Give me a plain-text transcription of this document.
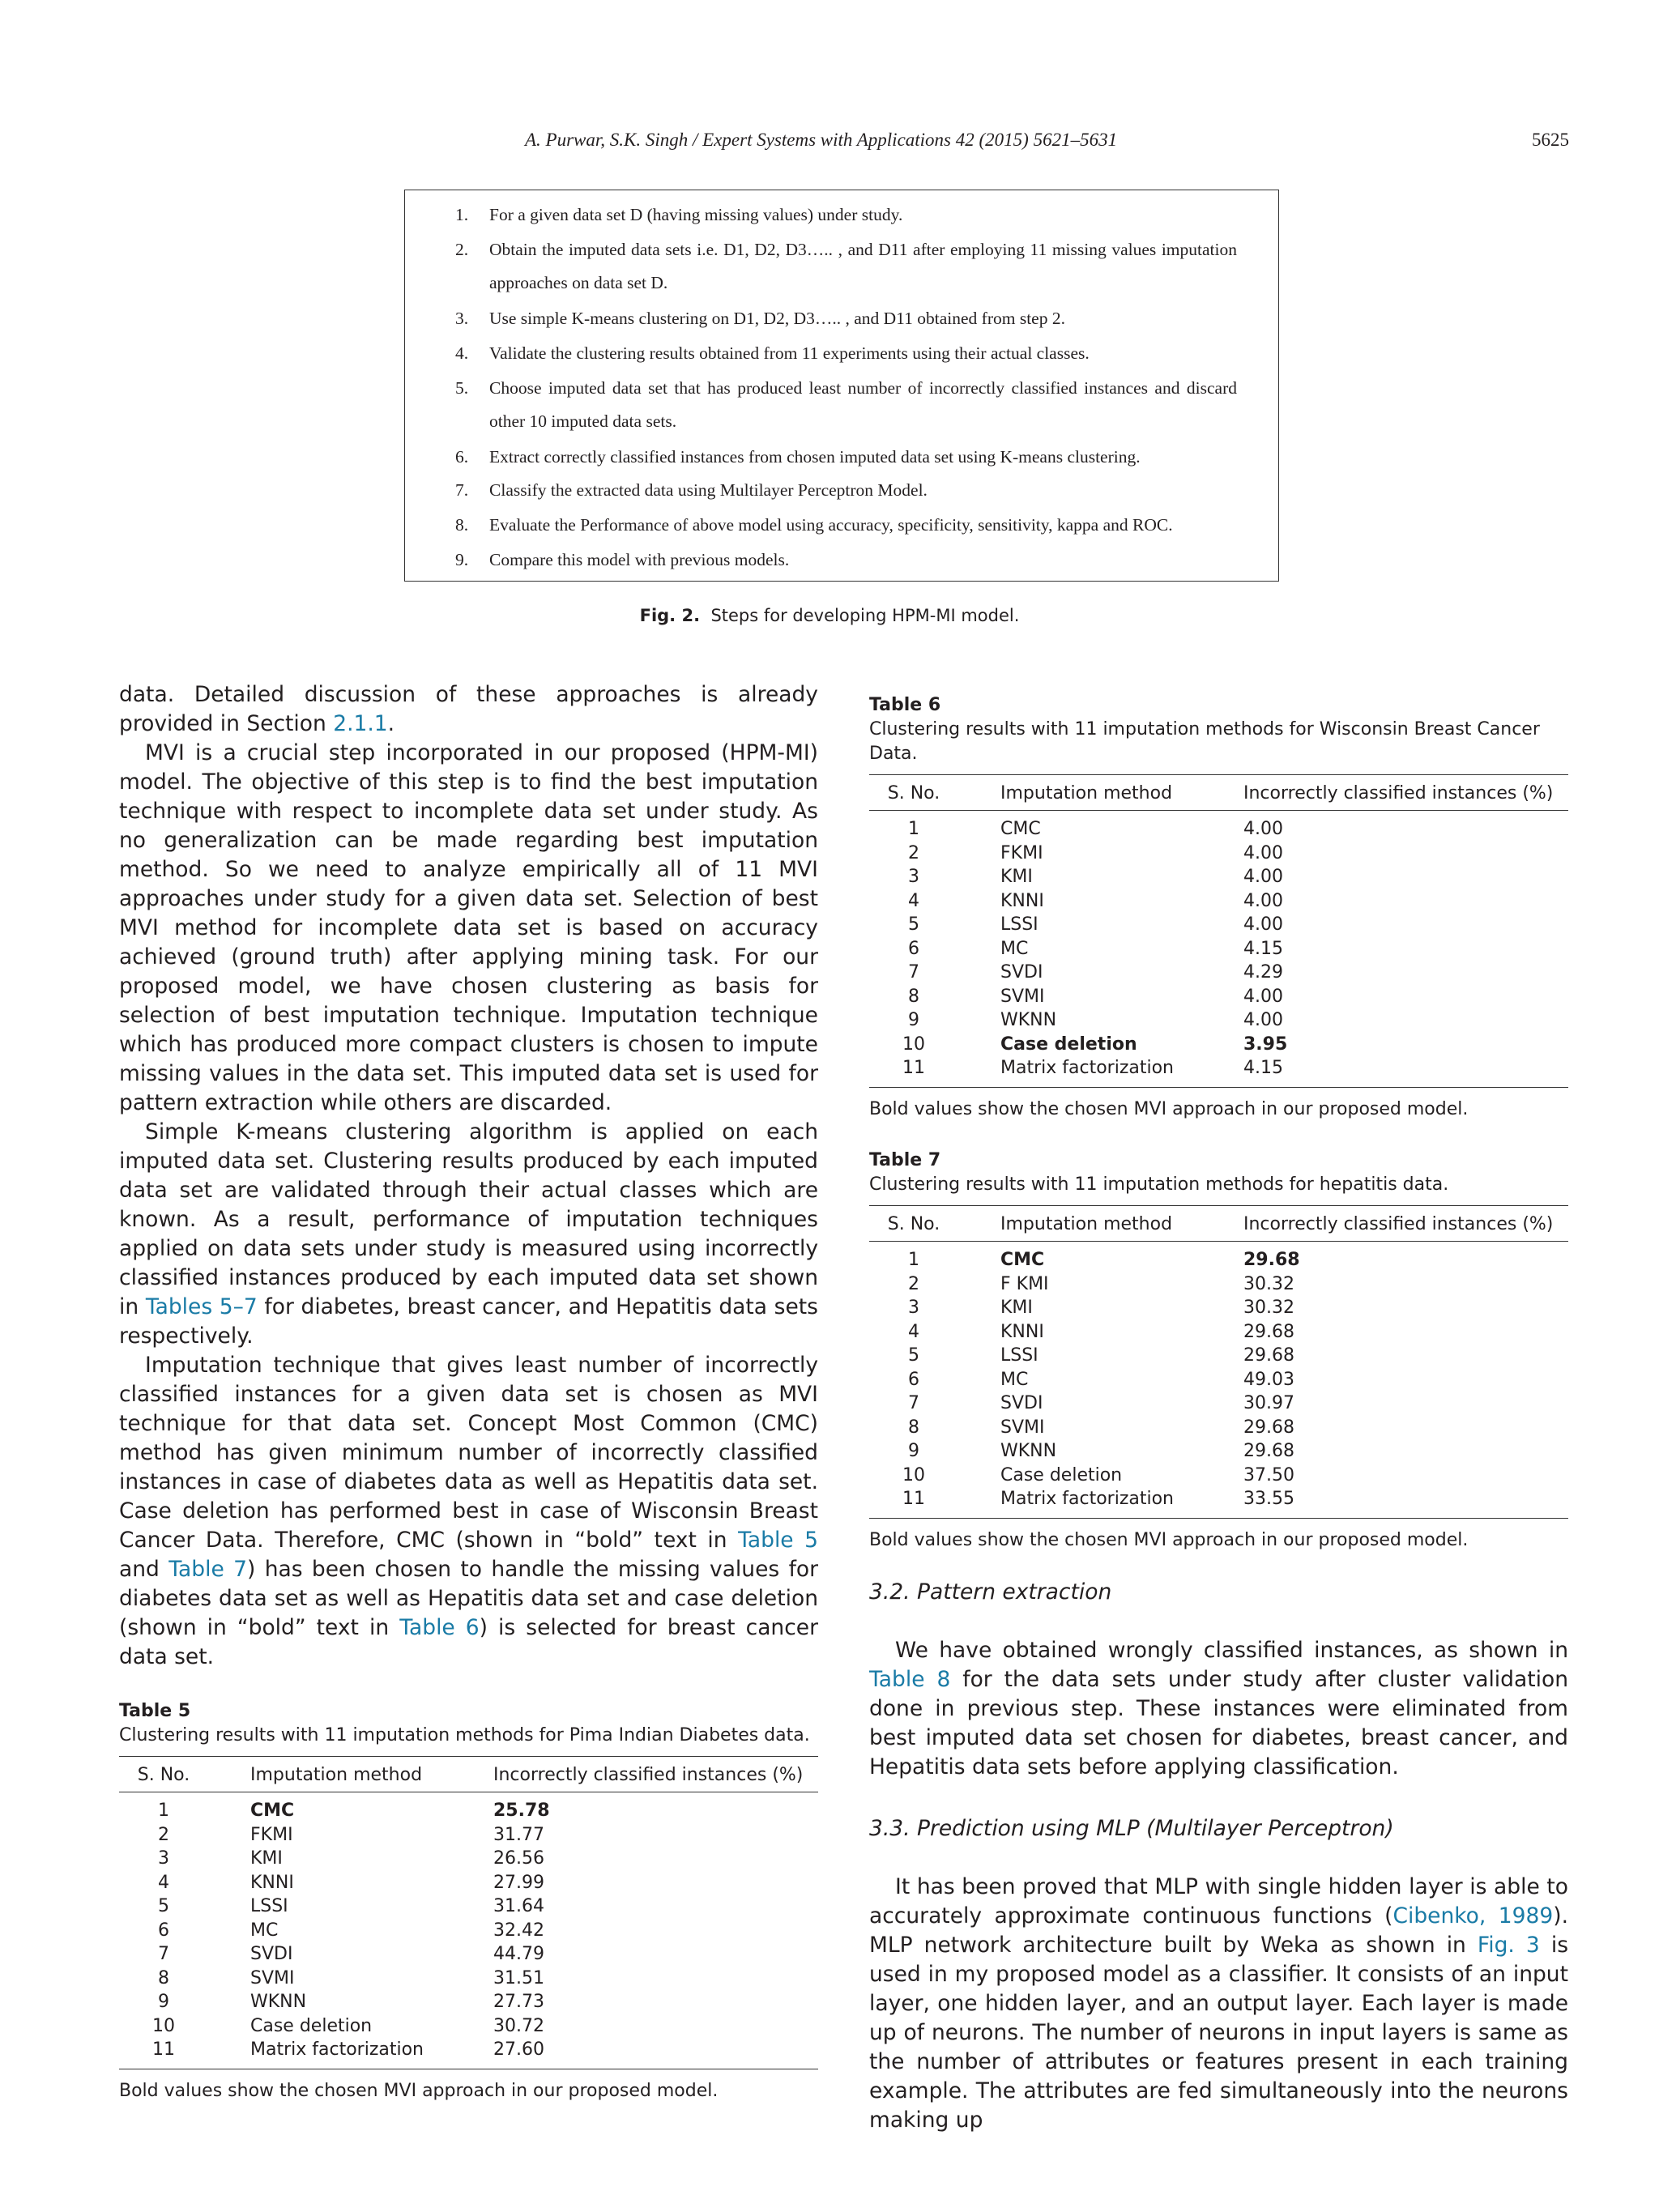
A. Purwar, S.K. Singh / Expert Systems with Applications 42 (2015) 5621–5631	5625
1. For a given data set D (having missing values) under study.
2. Obtain the imputed data sets i.e. D1, D2, D3….. , and D11 after employing 11 missing values imputation approaches on data set D.
3. Use simple K-means clustering on D1, D2, D3….. , and D11 obtained from step 2.
4. Validate the clustering results obtained from 11 experiments using their actual classes.
5. Choose imputed data set that has produced least number of incorrectly classified instances and discard other 10 imputed data sets.
6. Extract correctly classified instances from chosen imputed data set using K-means clustering.
7. Classify the extracted data using Multilayer Perceptron Model.
8. Evaluate the Performance of above model using accuracy, specificity, sensitivity, kappa and ROC.
9. Compare this model with previous models.
Fig. 2. Steps for developing HPM-MI model.

data. Detailed discussion of these approaches is already provided in Section 2.1.1.

MVI is a crucial step incorporated in our proposed (HPM-MI) model. The objective of this step is to find the best imputation technique with respect to incomplete data set under study. As no generalization can be made regarding best imputation method. So we need to analyze empirically all of 11 MVI approaches under study for a given data set. Selection of best MVI method for incomplete data set is based on accuracy achieved (ground truth) after applying mining task. For our proposed model, we have chosen clustering as basis for selection of best imputation technique. Imputation technique which has produced more compact clusters is chosen to impute missing values in the data set. This imputed data set is used for pattern extraction while others are discarded.

Simple K-means clustering algorithm is applied on each imputed data set. Clustering results produced by each imputed data set are validated through their actual classes which are known. As a result, performance of imputation techniques applied on data sets under study is measured using incorrectly classified instances produced by each imputed data set shown in Tables 5–7 for diabetes, breast cancer, and Hepatitis data sets respectively.

Imputation technique that gives least number of incorrectly classified instances for a given data set is chosen as MVI technique for that data set. Concept Most Common (CMC) method has given minimum number of incorrectly classified instances in case of diabetes data as well as Hepatitis data set. Case deletion has performed best in case of Wisconsin Breast Cancer Data. Therefore, CMC (shown in “bold” text in Table 5 and Table 7) has been chosen to handle the missing values for diabetes data set as well as Hepatitis data set and case deletion (shown in “bold” text in Table 6) is selected for breast cancer data set.

Table 6
Clustering results with 11 imputation methods for Wisconsin Breast Cancer Data.
S. No.	Imputation method	Incorrectly classified instances (%)
1	CMC	4.00
2	FKMI	4.00
3	KMI	4.00
4	KNNI	4.00
5	LSSI	4.00
6	MC	4.15
7	SVDI	4.29
8	SVMI	4.00
9	WKNN	4.00
10	Case deletion	3.95
11	Matrix factorization	4.15
Bold values show the chosen MVI approach in our proposed model.
Table 7
Clustering results with 11 imputation methods for hepatitis data.
S. No.	Imputation method	Incorrectly classified instances (%)
1	CMC	29.68
2	F KMI	30.32
3	KMI	30.32
4	KNNI	29.68
5	LSSI	29.68
6	MC	49.03
7	SVDI	30.97
8	SVMI	29.68
9	WKNN	29.68
10	Case deletion	37.50
11	Matrix factorization	33.55
Bold values show the chosen MVI approach in our proposed model.
3.2. Pattern extraction

We have obtained wrongly classified instances, as shown in Table 8 for the data sets under study after cluster validation done in previous step. These instances were eliminated from best imputed data set chosen for diabetes, breast cancer, and Hepatitis data sets before applying classification.

3.3. Prediction using MLP (Multilayer Perceptron)

It has been proved that MLP with single hidden layer is able to accurately approximate continuous functions (Cibenko, 1989). MLP network architecture built by Weka as shown in Fig. 3 is used in my proposed model as a classifier. It consists of an input layer, one hidden layer, and an output layer. Each layer is made up of neurons. The number of neurons in input layers is same as the number of attributes or features present in each training example. The attributes are fed simultaneously into the neurons making up

Table 5
Clustering results with 11 imputation methods for Pima Indian Diabetes data.
S. No.	Imputation method	Incorrectly classified instances (%)
1	CMC	25.78
2	FKMI	31.77
3	KMI	26.56
4	KNNI	27.99
5	LSSI	31.64
6	MC	32.42
7	SVDI	44.79
8	SVMI	31.51
9	WKNN	27.73
10	Case deletion	30.72
11	Matrix factorization	27.60
Bold values show the chosen MVI approach in our proposed model.
